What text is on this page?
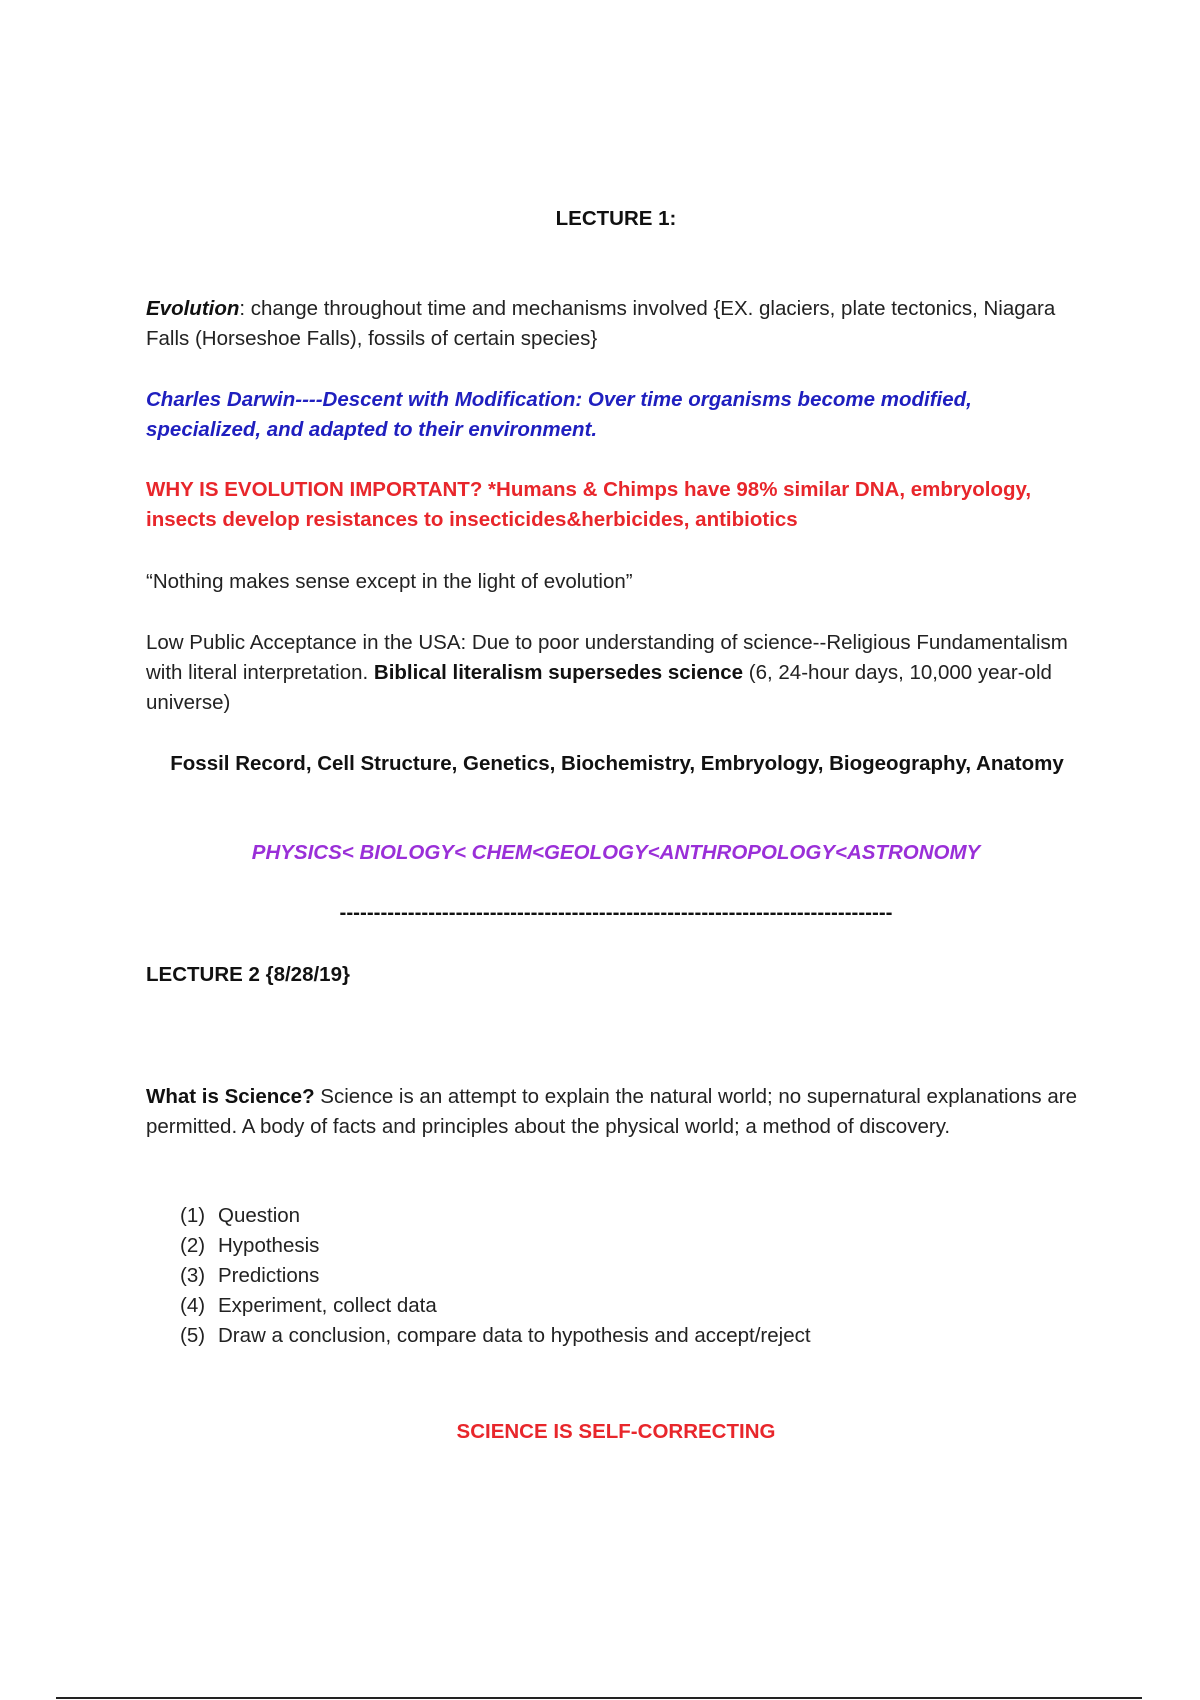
LECTURE 1:

Evolution: change throughout time and mechanisms involved {EX. glaciers, plate tectonics, Niagara Falls (Horseshoe Falls), fossils of certain species}

Charles Darwin----Descent with Modification: Over time organisms become modified, specialized, and adapted to their environment.

WHY IS EVOLUTION IMPORTANT? *Humans & Chimps have 98% similar DNA, embryology, insects develop resistances to insecticides&herbicides, antibiotics

“Nothing makes sense except in the light of evolution”

Low Public Acceptance in the USA: Due to poor understanding of science--Religious Fundamentalism with literal interpretation. Biblical literalism supersedes science (6, 24-hour days, 10,000 year-old universe)

Fossil Record, Cell Structure, Genetics, Biochemistry, Embryology, Biogeography, Anatomy

PHYSICS< BIOLOGY< CHEM<GEOLOGY<ANTHROPOLOGY<ASTRONOMY

---------------------------------------------------------------------------------

LECTURE 2 {8/28/19}

What is Science? Science is an attempt to explain the natural world; no supernatural explanations are permitted. A body of facts and principles about the physical world; a method of discovery.

(1) Question
(2) Hypothesis
(3) Predictions
(4) Experiment, collect data
(5) Draw a conclusion, compare data to hypothesis and accept/reject

SCIENCE IS SELF-CORRECTING
